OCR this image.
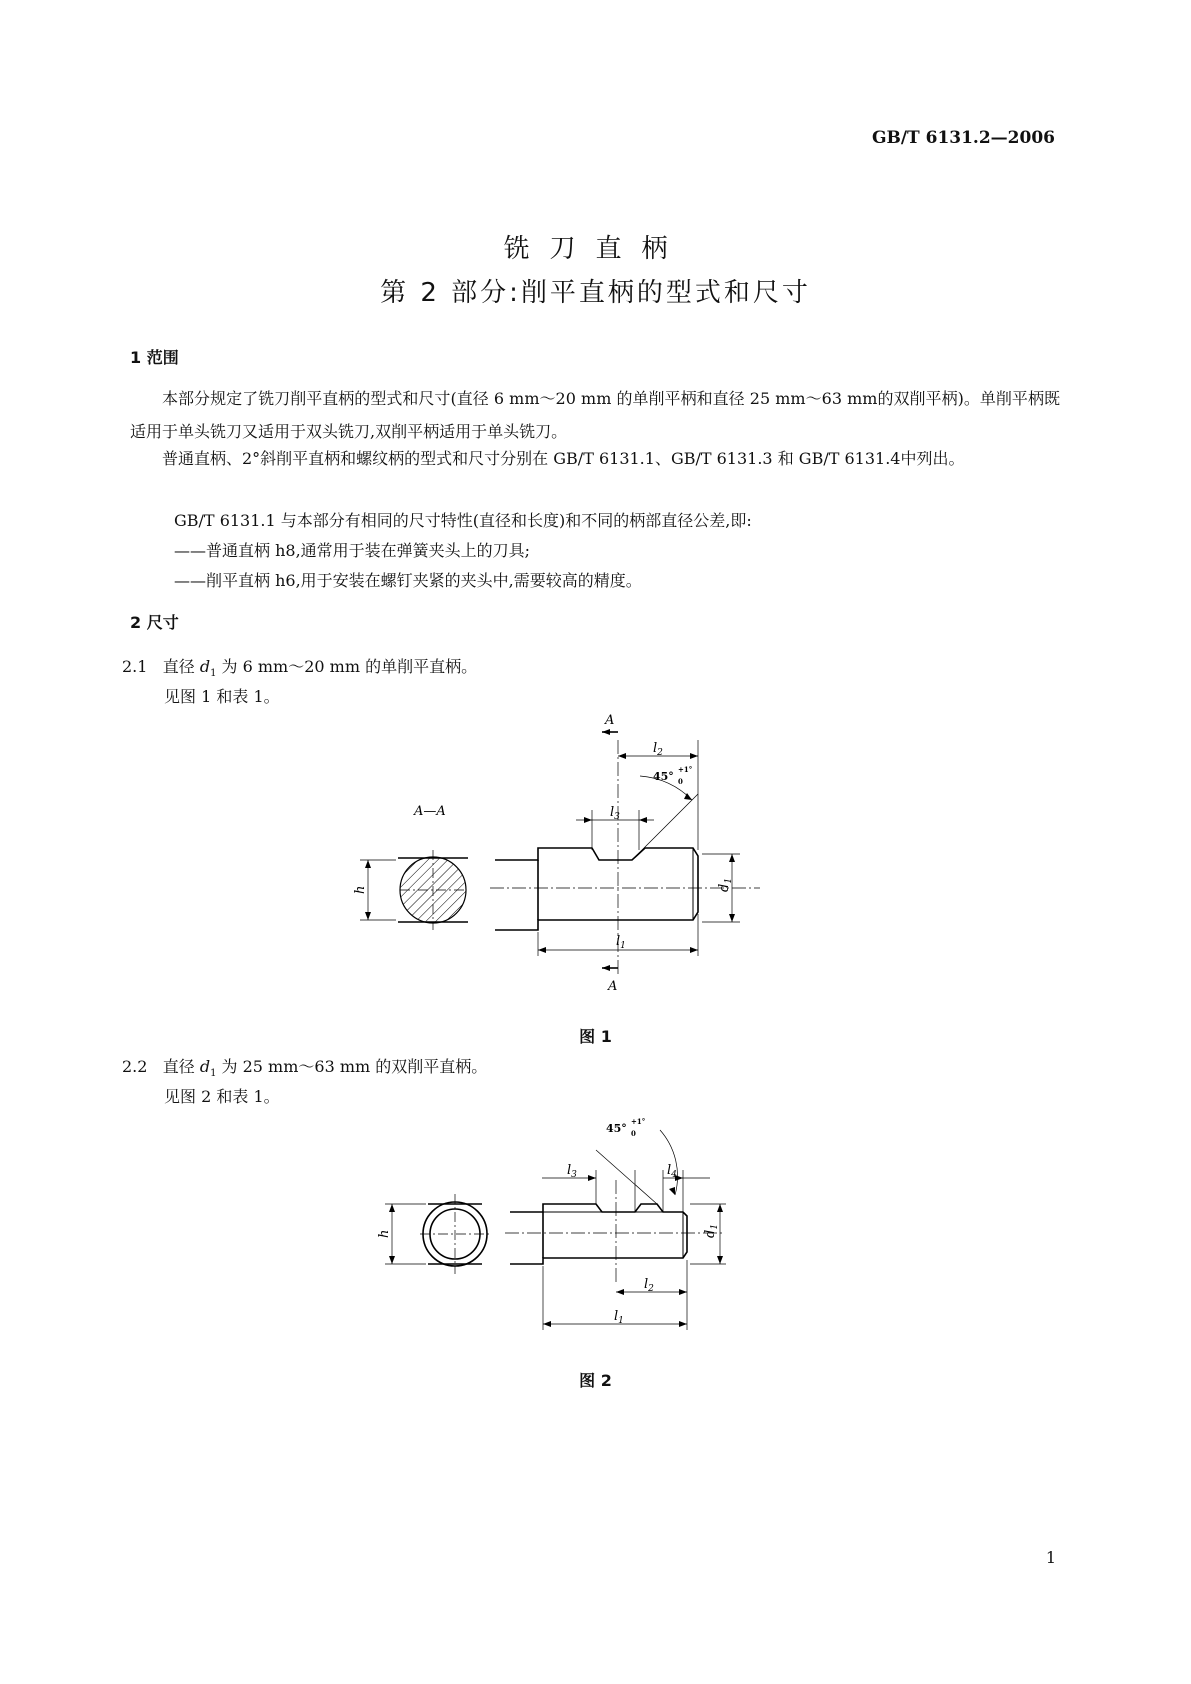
GB/T 6131.2—2006
铣刀直柄
第 2 部分:削平直柄的型式和尺寸
1 范围
本部分规定了铣刀削平直柄的型式和尺寸(直径 6 mm～20 mm 的单削平柄和直径 25 mm～63 mm的双削平柄)。单削平柄既适用于单头铣刀又适用于双头铣刀,双削平柄适用于单头铣刀。
普通直柄、2°斜削平直柄和螺纹柄的型式和尺寸分别在 GB/T 6131.1、GB/T 6131.3 和 GB/T 6131.4中列出。
GB/T 6131.1 与本部分有相同的尺寸特性(直径和长度)和不同的柄部直径公差,即:
——普通直柄 h8,通常用于装在弹簧夹头上的刀具;
——削平直柄 h6,用于安装在螺钉夹紧的夹头中,需要较高的精度。
2 尺寸
2.1 直径 $d_1$ 为 6 mm～20 mm 的单削平直柄。
见图 1 和表 1。
A—A
A
A
$l_2$
$l_3$
$l_1$
$d_1$
h
45°
+1°
0
图 1
2.2 直径 $d_1$ 为 25 mm～63 mm 的双削平直柄。
见图 2 和表 1。
$l_3$	$l_4$
$l_2$
$l_1$
$d_1$
h
45°
+1°
0
图 2
1
